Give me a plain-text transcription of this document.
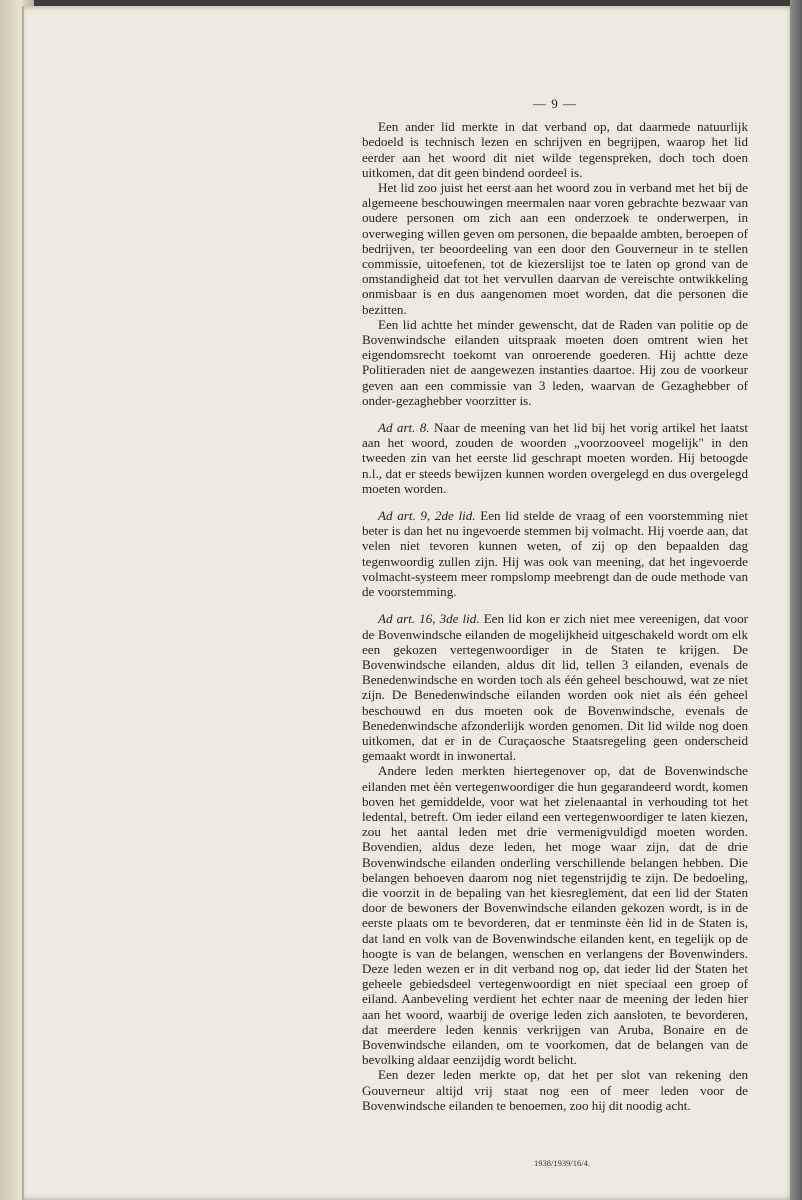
— 9 —

Een ander lid merkte in dat verband op, dat daarmede natuurlijk bedoeld is technisch lezen en schrijven en begrijpen, waarop het lid eerder aan het woord dit niet wilde tegenspreken, doch toch doen uitkomen, dat dit geen bindend oordeel is.

Het lid zoo juist het eerst aan het woord zou in verband met het bij de algemeene beschouwingen meermalen naar voren gebrachte bezwaar van oudere personen om zich aan een onderzoek te onderwerpen, in overweging willen geven om personen, die bepaalde ambten, beroepen of bedrijven, ter beoordeeling van een door den Gouverneur in te stellen commissie, uitoefenen, tot de kiezerslijst toe te laten op grond van de omstandigheid dat tot het vervullen daarvan de vereischte ontwikkeling onmisbaar is en dus aangenomen moet worden, dat die personen die bezitten.

Een lid achtte het minder gewenscht, dat de Raden van politie op de Bovenwindsche eilanden uitspraak moeten doen omtrent wien het eigendomsrecht toekomt van onroerende goederen. Hij achtte deze Politieraden niet de aangewezen instanties daartoe. Hij zou de voorkeur geven aan een commissie van 3 leden, waarvan de Gezaghebber of onder-gezaghebber voorzitter is.

Ad art. 8. Naar de meening van het lid bij het vorig artikel het laatst aan het woord, zouden de woorden „voorzooveel mogelijk" in den tweeden zin van het eerste lid geschrapt moeten worden. Hij betoogde n.l., dat er steeds bewijzen kunnen worden overgelegd en dus overgelegd moeten worden.

Ad art. 9, 2de lid. Een lid stelde de vraag of een voorstemming niet beter is dan het nu ingevoerde stemmen bij volmacht. Hij voerde aan, dat velen niet tevoren kunnen weten, of zij op den bepaalden dag tegenwoordig zullen zijn. Hij was ook van meening, dat het ingevoerde volmacht-systeem meer rompslomp meebrengt dan de oude methode van de voorstemming.

Ad art. 16, 3de lid. Een lid kon er zich niet mee vereenigen, dat voor de Bovenwindsche eilanden de mogelijkheid uitgeschakeld wordt om elk een gekozen vertegenwoordiger in de Staten te krijgen. De Bovenwindsche eilanden, aldus dit lid, tellen 3 eilanden, evenals de Benedenwindsche en worden toch als één geheel beschouwd, wat ze niet zijn. De Benedenwindsche eilanden worden ook niet als één geheel beschouwd en dus moeten ook de Bovenwindsche, evenals de Benedenwindsche afzonderlijk worden genomen. Dit lid wilde nog doen uitkomen, dat er in de Curaçaosche Staatsregeling geen onderscheid gemaakt wordt in inwonertal.

Andere leden merkten hiertegenover op, dat de Bovenwindsche eilanden met èèn vertegenwoordiger die hun gegarandeerd wordt, komen boven het gemiddelde, voor wat het zielenaantal in verhouding tot het ledental, betreft. Om ieder eiland een vertegenwoordiger te laten kiezen, zou het aantal leden met drie vermenigvuldigd moeten worden. Bovendien, aldus deze leden, het moge waar zijn, dat de drie Bovenwindsche eilanden onderling verschillende belangen hebben. Die belangen behoeven daarom nog niet tegenstrijdig te zijn. De bedoeling, die voorzit in de bepaling van het kiesreglement, dat een lid der Staten door de bewoners der Bovenwindsche eilanden gekozen wordt, is in de eerste plaats om te bevorderen, dat er tenminste èèn lid in de Staten is, dat land en volk van de Bovenwindsche eilanden kent, en tegelijk op de hoogte is van de belangen, wenschen en verlangens der Bovenwinders. Deze leden wezen er in dit verband nog op, dat ieder lid der Staten het geheele gebiedsdeel vertegenwoordigt en niet speciaal een groep of eiland. Aanbeveling verdient het echter naar de meening der leden hier aan het woord, waarbij de overige leden zich aansloten, te bevorderen, dat meerdere leden kennis verkrijgen van Aruba, Bonaire en de Bovenwindsche eilanden, om te voorkomen, dat de belangen van de bevolking aldaar eenzijdig wordt belicht.

Een dezer leden merkte op, dat het per slot van rekening den Gouverneur altijd vrij staat nog een of meer leden voor de Bovenwindsche eilanden te benoemen, zoo hij dit noodig acht.

1938/1939/16/4.
